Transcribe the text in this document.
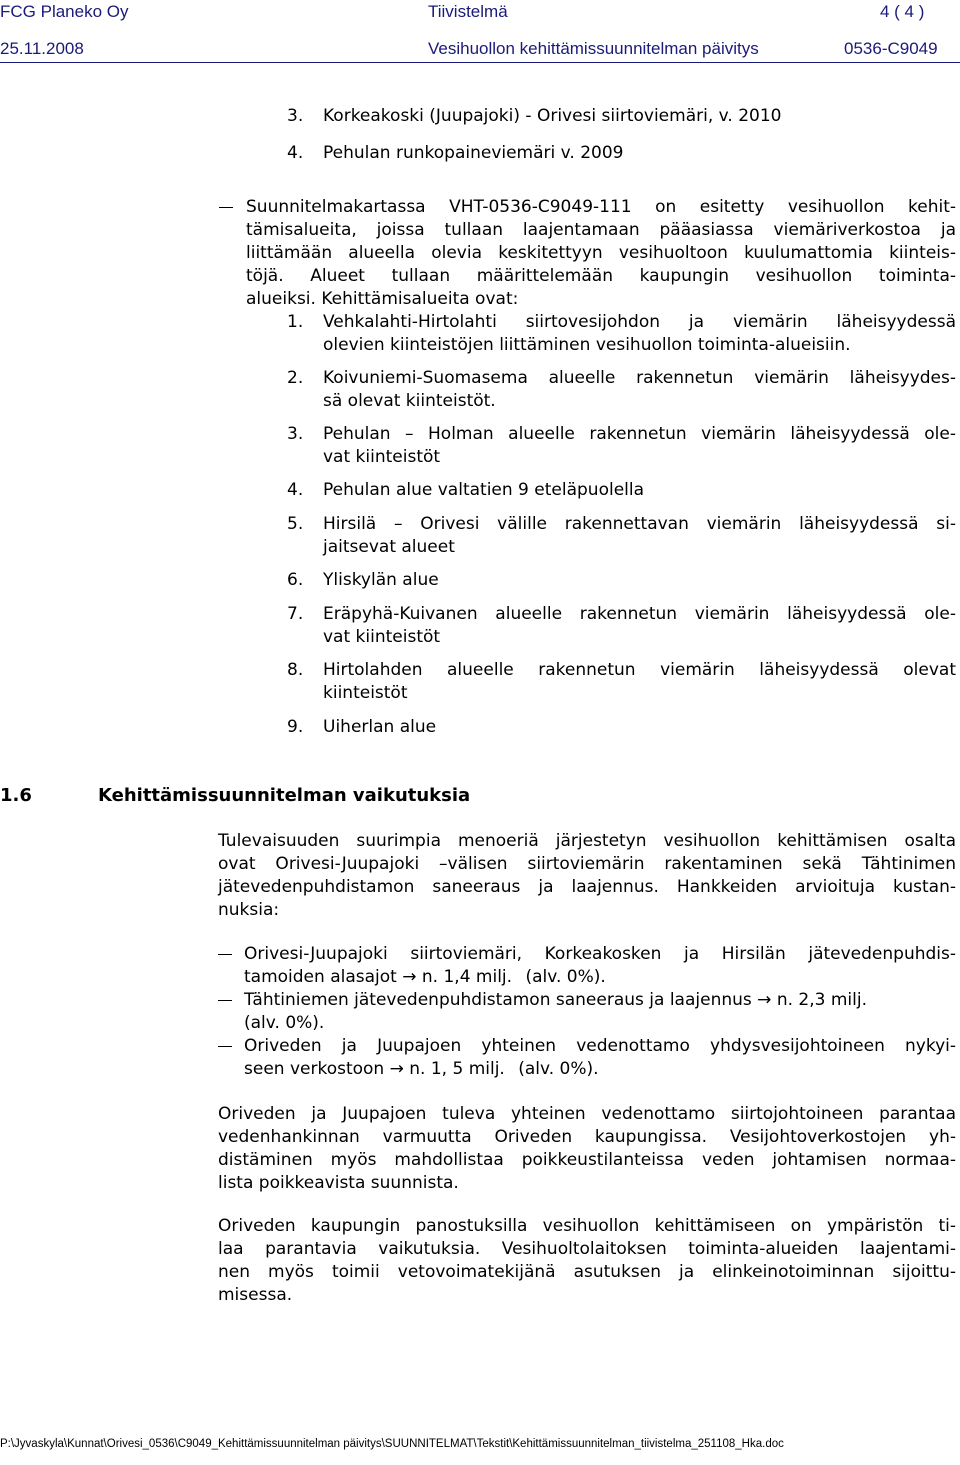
FCG Planeko Oy	Tiivistelmä	4 ( 4 )
25.11.2008	Vesihuollon kehittämissuunnitelman päivitys	0536-C9049
3. Korkeakoski (Juupajoki) - Orivesi siirtoviemäri, v. 2010
4. Pehulan runkopaineviemäri v. 2009
Suunnitelmakartassa VHT-0536-C9049-111 on esitetty vesihuollon kehit-
tämisalueita, joissa tullaan laajentamaan pääasiassa viemäriverkostoa ja
liittämään alueella olevia keskitettyyn vesihuoltoon kuulumattomia kiinteis-
töjä. Alueet tullaan määrittelemään kaupungin vesihuollon toiminta-
alueiksi. Kehittämisalueita ovat:
1. Vehkalahti-Hirtolahti siirtovesijohdon ja viemärin läheisyydessä
olevien kiinteistöjen liittäminen vesihuollon toiminta-alueisiin.
2. Koivuniemi-Suomasema alueelle rakennetun viemärin läheisyydes-
sä olevat kiinteistöt.
3. Pehulan – Holman alueelle rakennetun viemärin läheisyydessä ole-
vat kiinteistöt
4. Pehulan alue valtatien 9 eteläpuolella
5. Hirsilä – Orivesi välille rakennettavan viemärin läheisyydessä si-
jaitsevat alueet
6. Yliskylän alue
7. Eräpyhä-Kuivanen alueelle rakennetun viemärin läheisyydessä ole-
vat kiinteistöt
8. Hirtolahden alueelle rakennetun viemärin läheisyydessä olevat
kiinteistöt
9. Uiherlan alue
1.6	Kehittämissuunnitelman vaikutuksia
Tulevaisuuden suurimpia menoeriä järjestetyn vesihuollon kehittämisen osalta
ovat Orivesi-Juupajoki –välisen siirtoviemärin rakentaminen sekä Tähtinimen
jätevedenpuhdistamon saneeraus ja laajennus. Hankkeiden arvioituja kustan-
nuksia:
Orivesi-Juupajoki siirtoviemäri, Korkeakosken ja Hirsilän jätevedenpuhdis-
tamoiden alasajot → n. 1,4 milj. (alv. 0%).
Tähtiniemen jätevedenpuhdistamon saneeraus ja laajennus → n. 2,3 milj.
(alv. 0%).
Oriveden ja Juupajoen yhteinen vedenottamo yhdysvesijohtoineen nykyi-
seen verkostoon → n. 1, 5 milj. (alv. 0%).
Oriveden ja Juupajoen tuleva yhteinen vedenottamo siirtojohtoineen parantaa
vedenhankinnan varmuutta Oriveden kaupungissa. Vesijohtoverkostojen yh-
distäminen myös mahdollistaa poikkeustilanteissa veden johtamisen normaa-
lista poikkeavista suunnista.
Oriveden kaupungin panostuksilla vesihuollon kehittämiseen on ympäristön ti-
laa parantavia vaikutuksia. Vesihuoltolaitoksen toiminta-alueiden laajentami-
nen myös toimii vetovoimatekijänä asutuksen ja elinkeinotoiminnan sijoittu-
misessa.
P:\Jyvaskyla\Kunnat\Orivesi_0536\C9049_Kehittämissuunnitelman päivitys\SUUNNITELMAT\Tekstit\Kehittämissuunnitelman_tiivistelma_251108_Hka.doc
